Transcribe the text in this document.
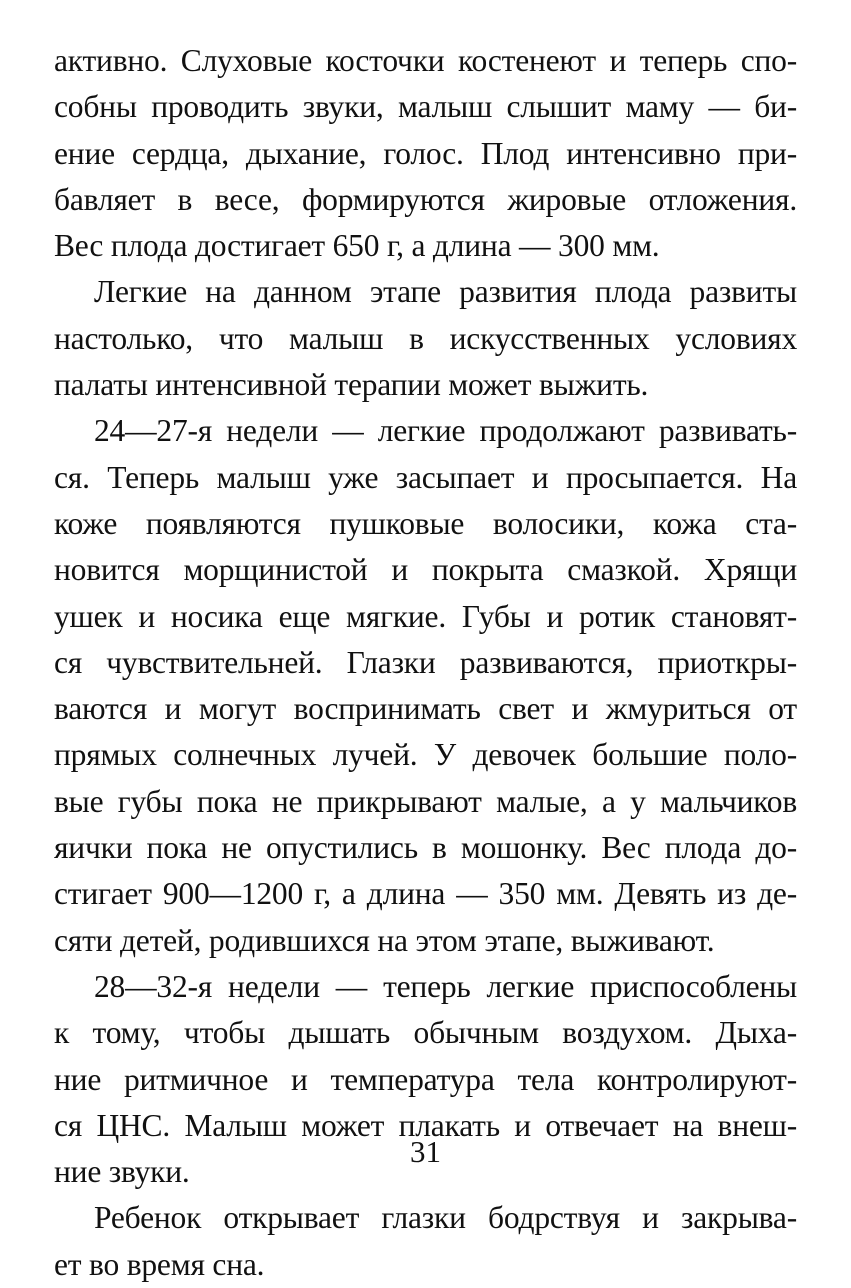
активно. Слуховые косточки костенеют и теперь спо-
собны проводить звуки, малыш слышит маму — би-
ение сердца, дыхание, голос. Плод интенсивно при-
бавляет в весе, формируются жировые отложения.
Вес плода достигает 650 г, а длина — 300 мм.
Легкие на данном этапе развития плода развиты
настолько, что малыш в искусственных условиях
палаты интенсивной терапии может выжить.
24—27-я недели — легкие продолжают развивать-
ся. Теперь малыш уже засыпает и просыпается. На
коже появляются пушковые волосики, кожа ста-
новится морщинистой и покрыта смазкой. Хрящи
ушек и носика еще мягкие. Губы и ротик становят-
ся чувствительней. Глазки развиваются, приоткры-
ваются и могут воспринимать свет и жмуриться от
прямых солнечных лучей. У девочек большие поло-
вые губы пока не прикрывают малые, а у мальчиков
яички пока не опустились в мошонку. Вес плода до-
стигает 900—1200 г, а длина — 350 мм. Девять из де-
сяти детей, родившихся на этом этапе, выживают.
28—32-я недели — теперь легкие приспособлены
к тому, чтобы дышать обычным воздухом. Дыха-
ние ритмичное и температура тела контролируют-
ся ЦНС. Малыш может плакать и отвечает на внеш-
ние звуки.
Ребенок открывает глазки бодрствуя и закрыва-
ет во время сна.
31
